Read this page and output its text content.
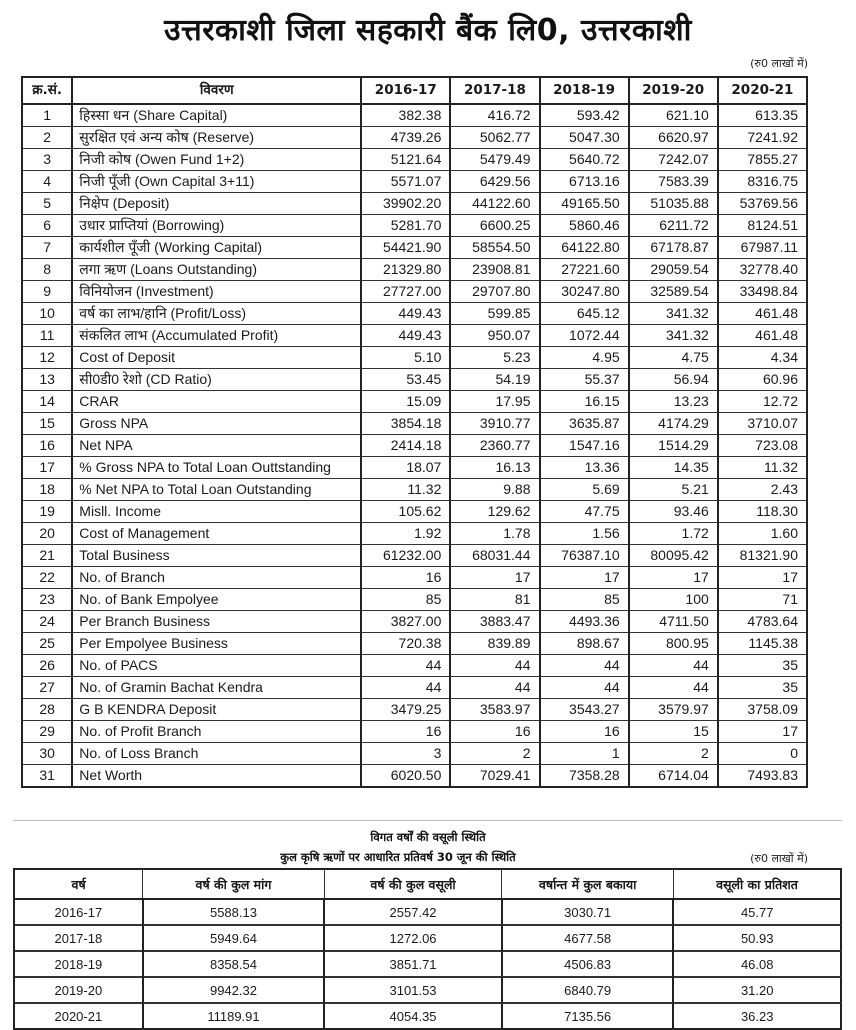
उत्तरकाशी जिला सहकारी बैंक लि0, उत्तरकाशी
(रु0 लाखों में)
क्र.सं.	विवरण	2016-17	2017-18	2018-19	2019-20	2020-21
1	हिस्सा धन (Share Capital)	382.38	416.72	593.42	621.10	613.35
2	सुरक्षित एवं अन्य कोष (Reserve)	4739.26	5062.77	5047.30	6620.97	7241.92
3	निजी कोष (Owen Fund 1+2)	5121.64	5479.49	5640.72	7242.07	7855.27
4	निजी पूँजी (Own Capital 3+11)	5571.07	6429.56	6713.16	7583.39	8316.75
5	निक्षेप (Deposit)	39902.20	44122.60	49165.50	51035.88	53769.56
6	उधार प्राप्तियां (Borrowing)	5281.70	6600.25	5860.46	6211.72	8124.51
7	कार्यशील पूँजी (Working Capital)	54421.90	58554.50	64122.80	67178.87	67987.11
8	लगा ऋण (Loans Outstanding)	21329.80	23908.81	27221.60	29059.54	32778.40
9	विनियोजन (Investment)	27727.00	29707.80	30247.80	32589.54	33498.84
10	वर्ष का लाभ/हानि (Profit/Loss)	449.43	599.85	645.12	341.32	461.48
11	संकलित लाभ (Accumulated Profit)	449.43	950.07	1072.44	341.32	461.48
12	Cost of Deposit	5.10	5.23	4.95	4.75	4.34
13	सी0डी0 रेशो (CD Ratio)	53.45	54.19	55.37	56.94	60.96
14	CRAR	15.09	17.95	16.15	13.23	12.72
15	Gross NPA	3854.18	3910.77	3635.87	4174.29	3710.07
16	Net NPA	2414.18	2360.77	1547.16	1514.29	723.08
17	% Gross NPA to Total Loan Outtstanding	18.07	16.13	13.36	14.35	11.32
18	% Net NPA to Total Loan Outstanding	11.32	9.88	5.69	5.21	2.43
19	Misll. Income	105.62	129.62	47.75	93.46	118.30
20	Cost of Management	1.92	1.78	1.56	1.72	1.60
21	Total Business	61232.00	68031.44	76387.10	80095.42	81321.90
22	No. of Branch	16	17	17	17	17
23	No. of Bank Empolyee	85	81	85	100	71
24	Per Branch Business	3827.00	3883.47	4493.36	4711.50	4783.64
25	Per Empolyee Business	720.38	839.89	898.67	800.95	1145.38
26	No. of PACS	44	44	44	44	35
27	No. of Gramin Bachat Kendra	44	44	44	44	35
28	G B KENDRA Deposit	3479.25	3583.97	3543.27	3579.97	3758.09
29	No. of Profit Branch	16	16	16	15	17
30	No. of Loss Branch	3	2	1	2	0
31	Net Worth	6020.50	7029.41	7358.28	6714.04	7493.83
विगत वर्षों की वसूली स्थिति
कुल कृषि ऋणों पर आधारित प्रतिवर्ष 30 जून की स्थिति	(रु0 लाखों में)
वर्ष	वर्ष की कुल मांग	वर्ष की कुल वसूली	वर्षान्त में कुल बकाया	वसूली का प्रतिशत
2016-17	5588.13	2557.42	3030.71	45.77
2017-18	5949.64	1272.06	4677.58	50.93
2018-19	8358.54	3851.71	4506.83	46.08
2019-20	9942.32	3101.53	6840.79	31.20
2020-21	11189.91	4054.35	7135.56	36.23
